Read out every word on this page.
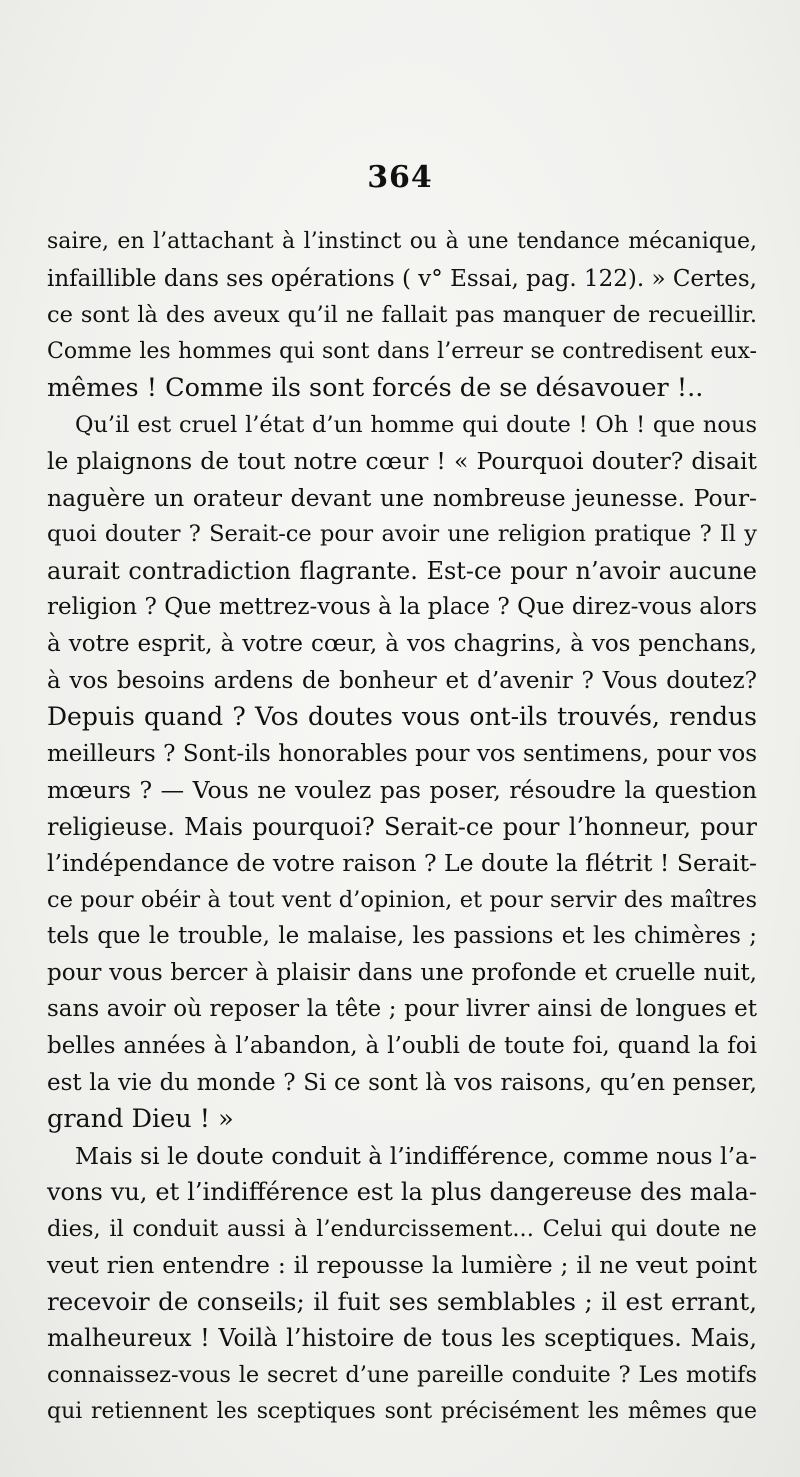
364
saire, en l’attachant à l’instinct ou à une tendance mécanique,
infaillible dans ses opérations ( v° Essai, pag. 122). » Certes,
ce sont là des aveux qu’il ne fallait pas manquer de recueillir.
Comme les hommes qui sont dans l’erreur se contredisent eux-
mêmes ! Comme ils sont forcés de se désavouer !..
Qu’il est cruel l’état d’un homme qui doute ! Oh ! que nous
le plaignons de tout notre cœur ! « Pourquoi douter? disait
naguère un orateur devant une nombreuse jeunesse. Pour-
quoi douter ? Serait-ce pour avoir une religion pratique ? Il y
aurait contradiction flagrante. Est-ce pour n’avoir aucune
religion ? Que mettrez-vous à la place ? Que direz-vous alors
à votre esprit, à votre cœur, à vos chagrins, à vos penchans,
à vos besoins ardens de bonheur et d’avenir ? Vous doutez?
Depuis quand ? Vos doutes vous ont-ils trouvés, rendus
meilleurs ? Sont-ils honorables pour vos sentimens, pour vos
mœurs ? — Vous ne voulez pas poser, résoudre la question
religieuse. Mais pourquoi? Serait-ce pour l’honneur, pour
l’indépendance de votre raison ? Le doute la flétrit ! Serait-
ce pour obéir à tout vent d’opinion, et pour servir des maîtres
tels que le trouble, le malaise, les passions et les chimères ;
pour vous bercer à plaisir dans une profonde et cruelle nuit,
sans avoir où reposer la tête ; pour livrer ainsi de longues et
belles années à l’abandon, à l’oubli de toute foi, quand la foi
est la vie du monde ? Si ce sont là vos raisons, qu’en penser,
grand Dieu ! »
Mais si le doute conduit à l’indifférence, comme nous l’a-
vons vu, et l’indifférence est la plus dangereuse des mala-
dies, il conduit aussi à l’endurcissement... Celui qui doute ne
veut rien entendre : il repousse la lumière ; il ne veut point
recevoir de conseils; il fuit ses semblables ; il est errant,
malheureux ! Voilà l’histoire de tous les sceptiques. Mais,
connaissez-vous le secret d’une pareille conduite ? Les motifs
qui retiennent les sceptiques sont précisément les mêmes que
